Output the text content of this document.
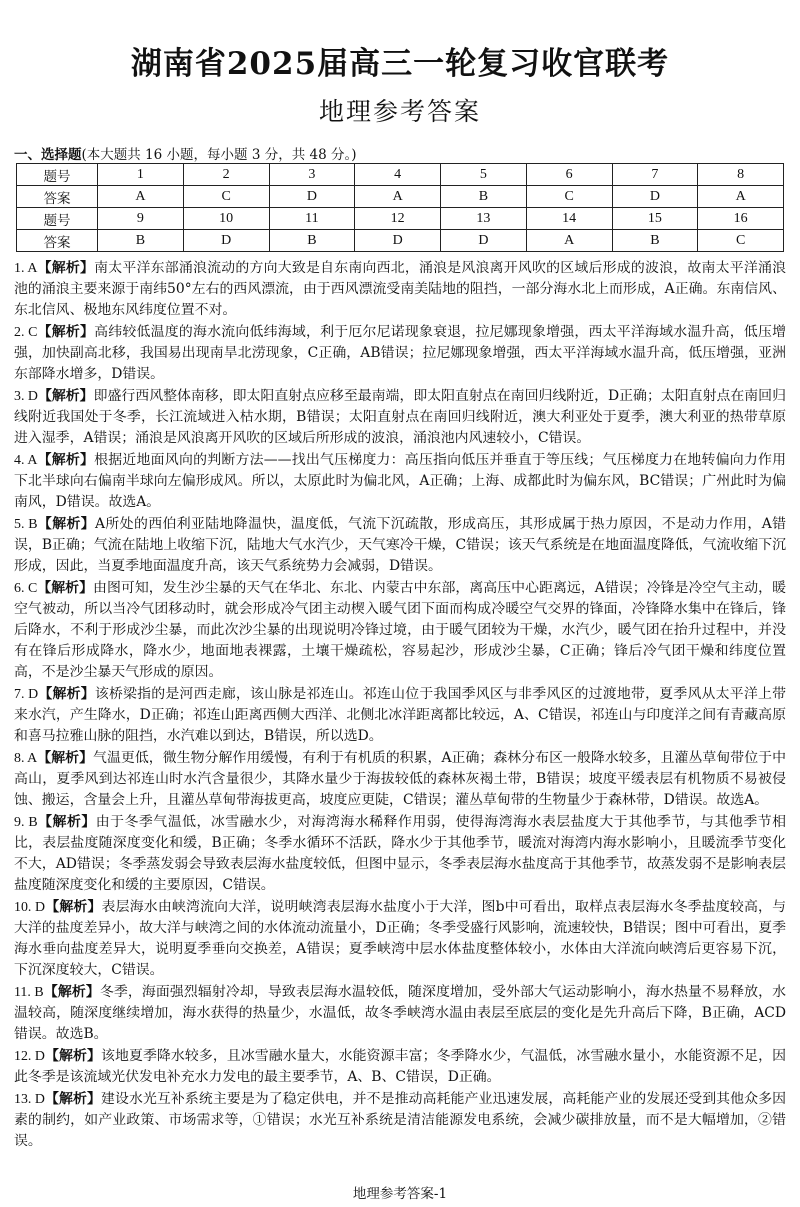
湖南省2025届高三一轮复习收官联考
地理参考答案
一、选择题(本大题共 16 小题，每小题 3 分，共 48 分。)
题号	1	2	3	4	5	6	7	8
答案	A	C	D	A	B	C	D	A
题号	9	10	11	12	13	14	15	16
答案	B	D	B	D	D	A	B	C
1. A【解析】南太平洋东部涌浪流动的方向大致是自东南向西北，涌浪是风浪离开风吹的区域后形成的波浪，故南太平洋涌浪池的涌浪主要来源于南纬50°左右的西风漂流，由于西风漂流受南美陆地的阻挡，一部分海水北上而形成，A正确。东南信风、东北信风、极地东风纬度位置不对。
2. C【解析】高纬较低温度的海水流向低纬海域，利于厄尔尼诺现象衰退，拉尼娜现象增强，西太平洋海域水温升高，低压增强，加快副高北移，我国易出现南旱北涝现象，C正确，AB错误；拉尼娜现象增强，西太平洋海域水温升高，低压增强，亚洲东部降水增多，D错误。
3. D【解析】即盛行西风整体南移，即太阳直射点应移至最南端，即太阳直射点在南回归线附近，D正确；太阳直射点在南回归线附近我国处于冬季，长江流域进入枯水期，B错误；太阳直射点在南回归线附近，澳大利亚处于夏季，澳大利亚的热带草原进入湿季，A错误；涌浪是风浪离开风吹的区域后所形成的波浪，涌浪池内风速较小，C错误。
4. A【解析】根据近地面风向的判断方法——找出气压梯度力：高压指向低压并垂直于等压线；气压梯度力在地转偏向力作用下北半球向右偏南半球向左偏形成风。所以，太原此时为偏北风，A正确；上海、成都此时为偏东风，BC错误；广州此时为偏南风，D错误。故选A。
5. B【解析】A所处的西伯利亚陆地降温快，温度低，气流下沉疏散，形成高压，其形成属于热力原因，不是动力作用，A错误，B正确；气流在陆地上收缩下沉，陆地大气水汽少，天气寒冷干燥，C错误；该天气系统是在地面温度降低，气流收缩下沉形成，因此，当夏季地面温度升高，该天气系统势力会减弱，D错误。
6. C【解析】由图可知，发生沙尘暴的天气在华北、东北、内蒙古中东部，离高压中心距离远，A错误；冷锋是冷空气主动，暖空气被动，所以当冷气团移动时，就会形成冷气团主动楔入暖气团下面而构成冷暖空气交界的锋面，冷锋降水集中在锋后，锋后降水，不利于形成沙尘暴，而此次沙尘暴的出现说明冷锋过境，由于暖气团较为干燥，水汽少，暖气团在抬升过程中，并没有在锋后形成降水，降水少，地面地表裸露，土壤干燥疏松，容易起沙，形成沙尘暴，C正确；锋后冷气团干燥和纬度位置高，不是沙尘暴天气形成的原因。
7. D【解析】该桥梁指的是河西走廊，该山脉是祁连山。祁连山位于我国季风区与非季风区的过渡地带，夏季风从太平洋上带来水汽，产生降水，D正确；祁连山距离西侧大西洋、北侧北冰洋距离都比较远，A、C错误，祁连山与印度洋之间有青藏高原和喜马拉雅山脉的阻挡，水汽难以到达，B错误，所以选D。
8. A【解析】气温更低，微生物分解作用缓慢，有利于有机质的积累，A正确；森林分布区一般降水较多，且灌丛草甸带位于中高山，夏季风到达祁连山时水汽含量很少，其降水量少于海拔较低的森林灰褐土带，B错误；坡度平缓表层有机物质不易被侵蚀、搬运，含量会上升，且灌丛草甸带海拔更高，坡度应更陡，C错误；灌丛草甸带的生物量少于森林带，D错误。故选A。
9. B【解析】由于冬季气温低，冰雪融水少，对海湾海水稀释作用弱，使得海湾海水表层盐度大于其他季节，与其他季节相比，表层盐度随深度变化和缓，B正确；冬季水循环不活跃，降水少于其他季节，暖流对海湾内海水影响小，且暖流季节变化不大，AD错误；冬季蒸发弱会导致表层海水盐度较低，但图中显示，冬季表层海水盐度高于其他季节，故蒸发弱不是影响表层盐度随深度变化和缓的主要原因，C错误。
10. D【解析】表层海水由峡湾流向大洋，说明峡湾表层海水盐度小于大洋，图b中可看出，取样点表层海水冬季盐度较高，与大洋的盐度差异小，故大洋与峡湾之间的水体流动流量小，D正确；冬季受盛行风影响，流速较快，B错误；图中可看出，夏季海水垂向盐度差异大，说明夏季垂向交换差，A错误；夏季峡湾中层水体盐度整体较小，水体由大洋流向峡湾后更容易下沉，下沉深度较大，C错误。
11. B【解析】冬季，海面强烈辐射冷却，导致表层海水温较低，随深度增加，受外部大气运动影响小，海水热量不易释放，水温较高，随深度继续增加，海水获得的热量少，水温低，故冬季峡湾水温由表层至底层的变化是先升高后下降，B正确，ACD错误。故选B。
12. D【解析】该地夏季降水较多，且冰雪融水量大，水能资源丰富；冬季降水少，气温低，冰雪融水量小，水能资源不足，因此冬季是该流域光伏发电补充水力发电的最主要季节，A、B、C错误，D正确。
13. D【解析】建设水光互补系统主要是为了稳定供电，并不是推动高耗能产业迅速发展，高耗能产业的发展还受到其他众多因素的制约，如产业政策、市场需求等，①错误；水光互补系统是清洁能源发电系统，会减少碳排放量，而不是大幅增加，②错误。
地理参考答案-1
